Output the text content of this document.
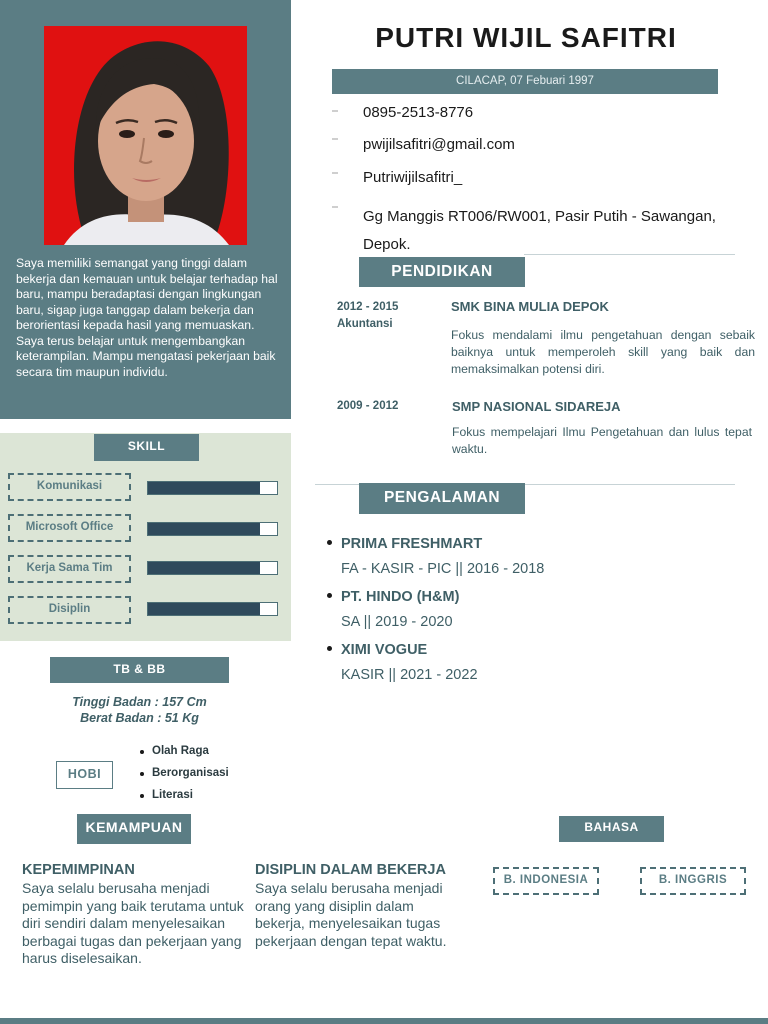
Saya memiliki semangat yang tinggi dalam bekerja dan kemauan untuk belajar terhadap hal baru, mampu beradaptasi dengan lingkungan baru, sigap juga tanggap dalam bekerja dan berorientasi kepada hasil yang memuaskan. Saya terus belajar untuk mengembangkan keterampilan. Mampu mengatasi pekerjaan baik secara tim maupun individu.
SKILL
Komunikasi
Microsoft Office
Kerja Sama Tim
Disiplin
TB & BB
Tinggi Badan : 157 Cm
Berat Badan : 51 Kg
HOBI
Olah Raga
Berorganisasi
Literasi
PUTRI WIJIL SAFITRI
CILACAP, 07 Febuari 1997
0895-2513-8776
pwijilsafitri@gmail.com
Putriwijilsafitri_
Gg Manggis RT006/RW001, Pasir Putih - Sawangan,
Depok.
PENDIDIKAN
2012 - 2015
Akuntansi
SMK BINA MULIA DEPOK
Fokus mendalami ilmu pengetahuan dengan sebaik baiknya untuk memperoleh skill yang baik dan memaksimalkan potensi diri.
2009 - 2012	SMP NASIONAL SIDAREJA
Fokus mempelajari Ilmu Pengetahuan dan lulus tepat waktu.
PENGALAMAN
PRIMA FRESHMART
FA - KASIR - PIC || 2016 - 2018
PT. HINDO (H&M)
SA || 2019 - 2020
XIMI VOGUE
KASIR || 2021 - 2022
KEMAMPUAN
KEPEMIMPINAN
Saya selalu berusaha menjadi pemimpin yang baik terutama untuk diri sendiri dalam menyelesaikan berbagai tugas dan pekerjaan yang harus diselesaikan.
DISIPLIN DALAM BEKERJA
Saya selalu berusaha menjadi orang yang disiplin dalam bekerja, menyelesaikan tugas pekerjaan dengan tepat waktu.
BAHASA
B. INDONESIA	B. INGGRIS
